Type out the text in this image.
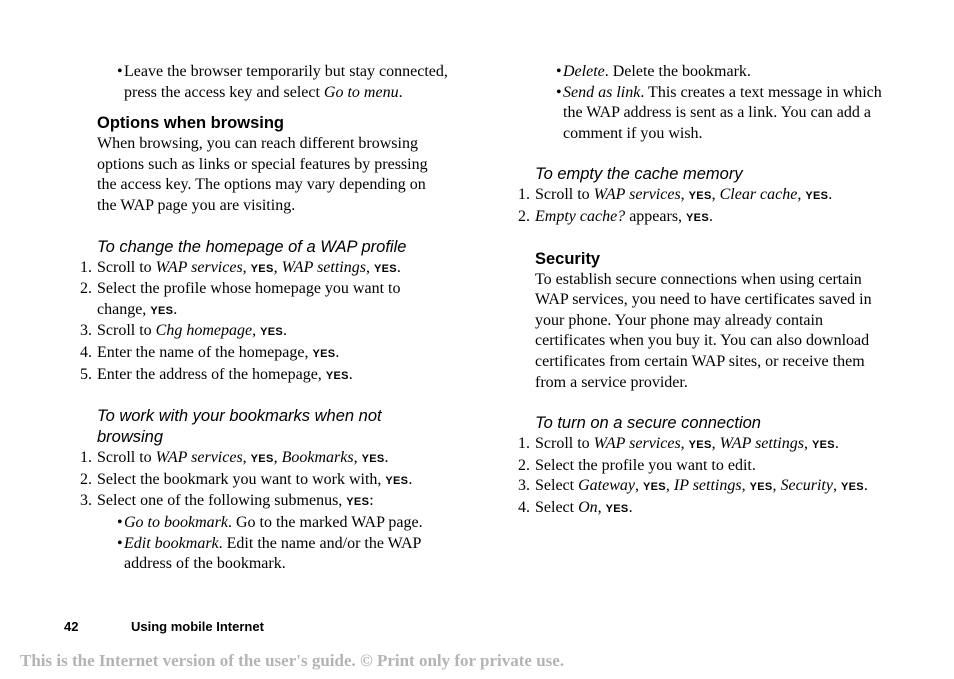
• Leave the browser temporarily but stay connected,
press the access key and select Go to menu.

Options when browsing

When browsing, you can reach different browsing
options such as links or special features by pressing
the access key. The options may vary depending on
the WAP page you are visiting.

To change the homepage of a WAP profile

1. Scroll to WAP services, YES, WAP settings, YES.
2. Select the profile whose homepage you want to
change, YES.
3. Scroll to Chg homepage, YES.
4. Enter the name of the homepage, YES.
5. Enter the address of the homepage, YES.

To work with your bookmarks when not
browsing

1. Scroll to WAP services, YES, Bookmarks, YES.
2. Select the bookmark you want to work with, YES.
3. Select one of the following submenus, YES:

• Go to bookmark. Go to the marked WAP page.

• Edit bookmark. Edit the name and/or the WAP
address of the bookmark.

• Delete. Delete the bookmark.

• Send as link. This creates a text message in which
the WAP address is sent as a link. You can add a
comment if you wish.

To empty the cache memory

1. Scroll to WAP services, YES, Clear cache, YES.
2. Empty cache? appears, YES.

Security

To establish secure connections when using certain
WAP services, you need to have certificates saved in
your phone. Your phone may already contain
certificates when you buy it. You can also download
certificates from certain WAP sites, or receive them
from a service provider.

To turn on a secure connection

1. Scroll to WAP services, YES, WAP settings, YES.
2. Select the profile you want to edit.
3. Select Gateway, YES, IP settings, YES, Security, YES.
4. Select On, YES.
42	Using mobile Internet
This is the Internet version of the user's guide. © Print only for private use.
